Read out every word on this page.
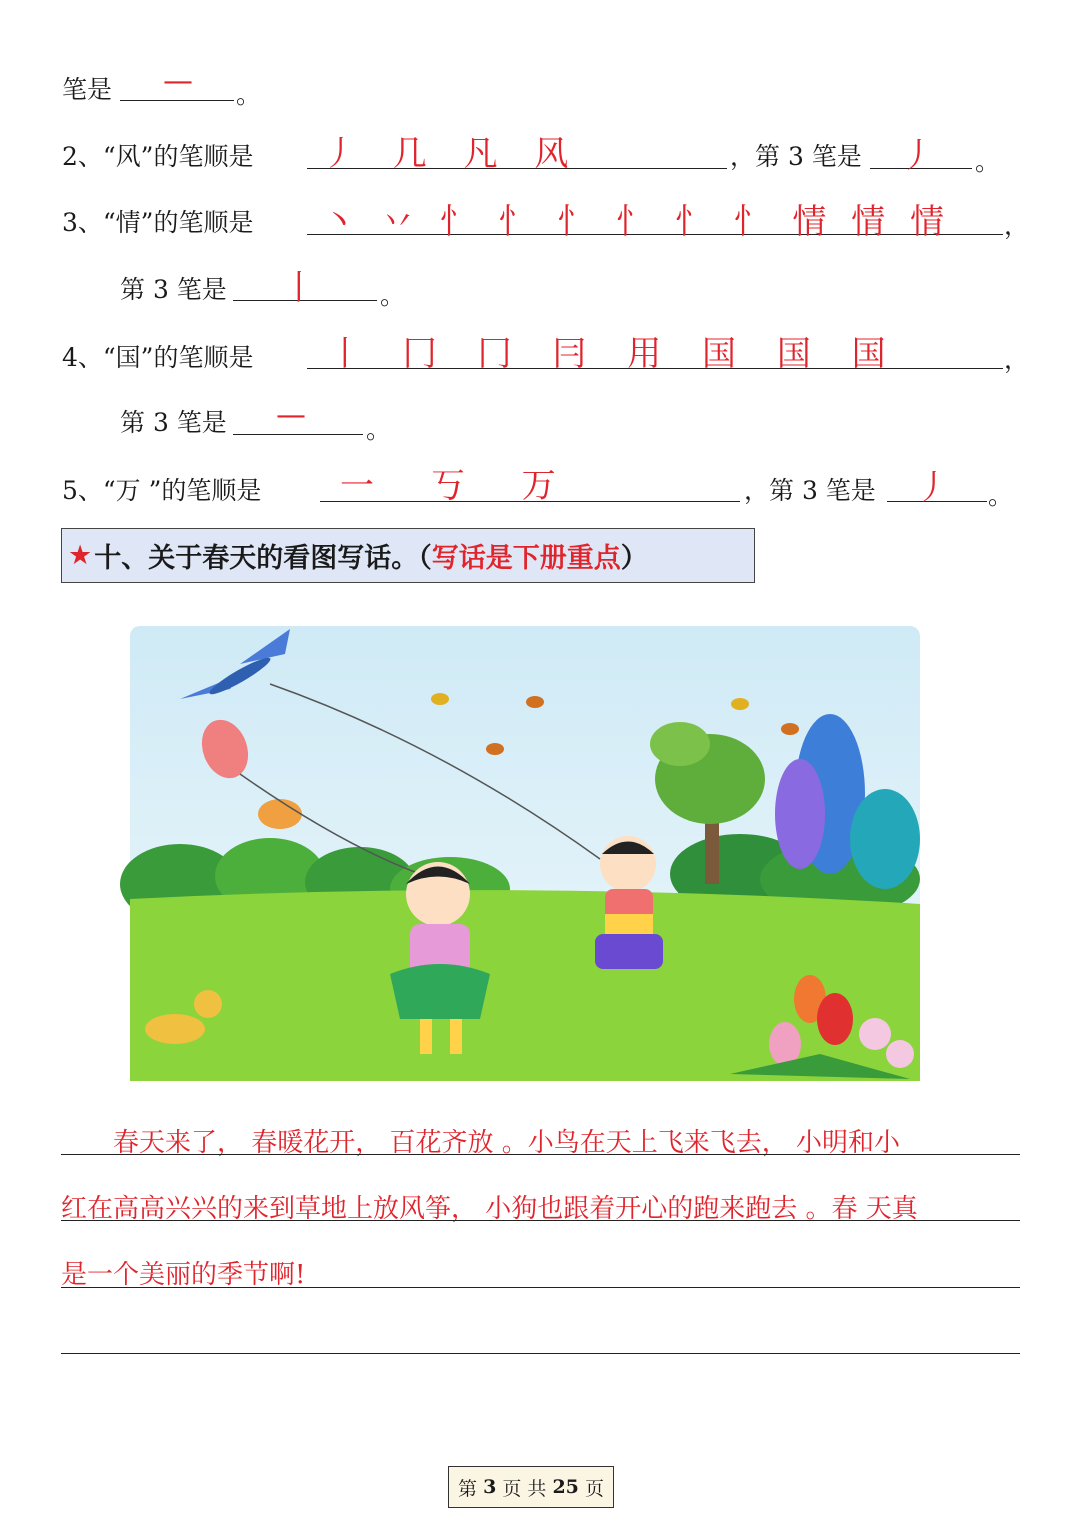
笔是 — 。
2、“风”的笔顺是 丿 几 凡 风	，第 3 笔是 丿 。
3、“情”的笔顺是 丶 丷 忄 忄 忄 忄 忄 忄 情 情 情 ，
第 3 笔是 丨	。
4、“国”的笔顺是 丨 冂 冂 冃 用 国 国 国	，
第 3 笔是 — 。
5、“万 ”的笔顺是 一 丂 万	，第 3 笔是 丿 。
★ 十、关于春天的看图写话。（ 写话是下册重点 ）
　　春天来了， 春暖花开， 百花齐放 。小鸟在天上飞来飞去， 小明和小
红在高高兴兴的来到草地上放风筝， 小狗也跟着开心的跑来跑去 。春 天真
是一个美丽的季节啊!
第
3
页 共
25
页
